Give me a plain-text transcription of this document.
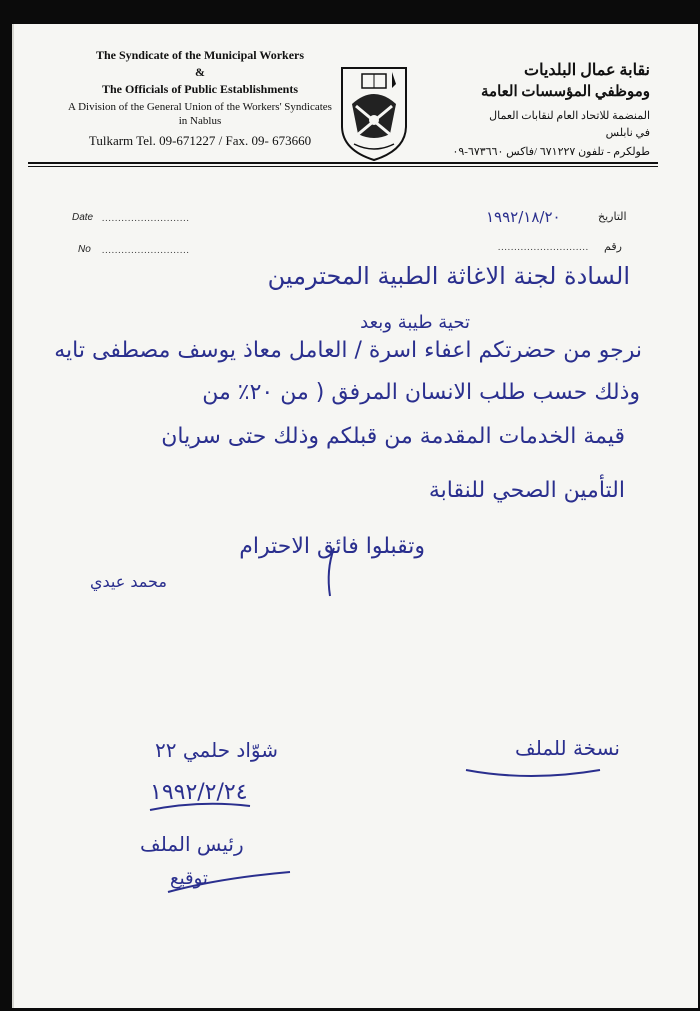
The Syndicate of the Municipal Workers
&
The Officials of Public Establishments
A Division of the General Union of the Workers' Syndicates
in Nablus
Tulkarm Tel. 09-671227 / Fax. 09- 673660
نقابة عمال البلديات
وموظفي المؤسسات العامة
المنضمة للاتحاد العام لنقابات العمال
في نابلس
طولكرم - تلفون ٦٧١٢٢٧ /فاكس ٦٧٣٦٦٠-٠٩
Date ...........................
No ...........................
التاريخ
رقم
............................
١٩٩٢/١٨/٢٠
السادة لجنة الاغاثة الطبية المحترمين
تحية طيبة وبعد
نرجو من حضرتكم اعفاء اسرة / العامل معاذ يوسف مصطفى تايه
وذلك حسب طلب الانسان المرفق ( من ٢٠٪ من
قيمة الخدمات المقدمة من قبلكم وذلك حتى سريان
التأمين الصحي للنقابة
وتقبلوا فائق الاحترام
محمد عيدي
نسخة للملف
شوّاد حلمي ٢٢
١٩٩٢/٢/٢٤
رئيس الملف
توقيع
